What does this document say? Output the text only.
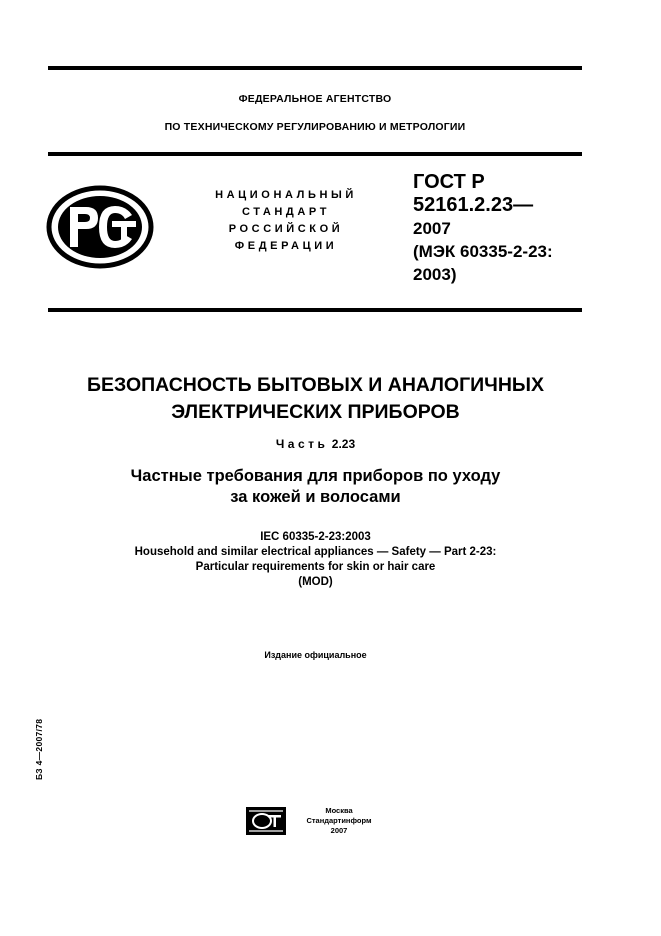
ФЕДЕРАЛЬНОЕ АГЕНТСТВО
ПО ТЕХНИЧЕСКОМУ РЕГУЛИРОВАНИЮ И МЕТРОЛОГИИ
НАЦИОНАЛЬНЫЙ
СТАНДАРТ
РОССИЙСКОЙ
ФЕДЕРАЦИИ
ГОСТ Р
52161.2.23—
2007
(МЭК 60335-2-23:
2003)
БЕЗОПАСНОСТЬ БЫТОВЫХ И АНАЛОГИЧНЫХ
ЭЛЕКТРИЧЕСКИХ ПРИБОРОВ
Часть 2.23
Частные требования для приборов по уходу
за кожей и волосами
IEC 60335-2-23:2003
Household and similar electrical appliances — Safety — Part 2-23:
Particular requirements for skin or hair care
(MOD)
Издание официальное
БЗ 4—2007/78
Москва
Стандартинформ
2007
